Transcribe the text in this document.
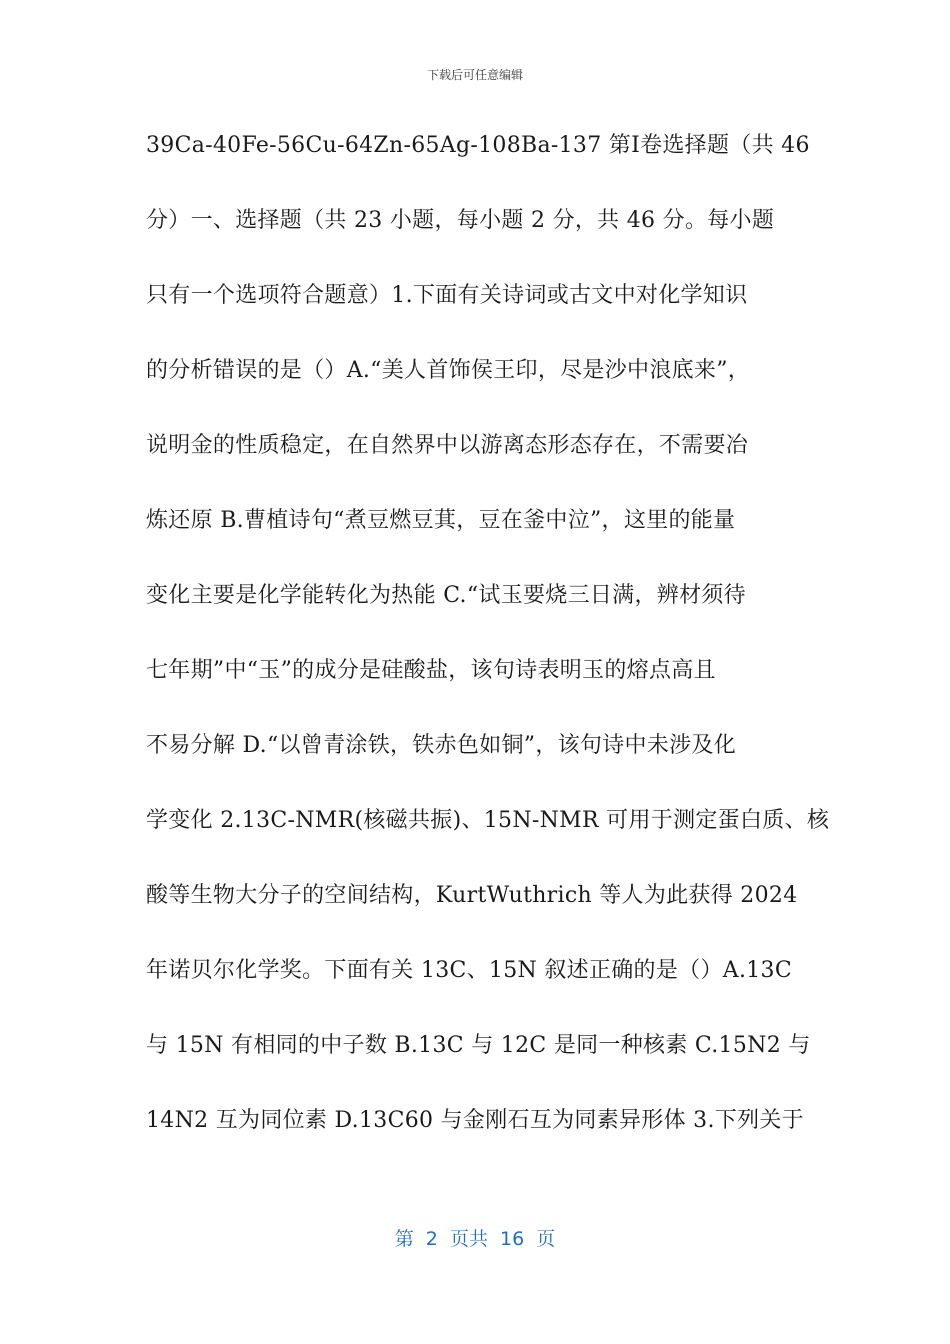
下载后可任意编辑
39Ca-40Fe-56Cu-64Zn-65Ag-108Ba-137 第Ⅰ卷选择题（共 46
分）一、选择题（共 23 小题，每小题 2 分，共 46 分。每小题
只有一个选项符合题意）1.下面有关诗词或古文中对化学知识
的分析错误的是（）A.“美人首饰侯王印，尽是沙中浪底来”，
说明金的性质稳定，在自然界中以游离态形态存在，不需要冶
炼还原 B.曹植诗句“煮豆燃豆萁，豆在釜中泣”，这里的能量
变化主要是化学能转化为热能 C.“试玉要烧三日满，辨材须待
七年期”中“玉”的成分是硅酸盐，该句诗表明玉的熔点高且
不易分解 D.“以曾青涂铁，铁赤色如铜”，该句诗中未涉及化
学变化 2.13C-NMR(核磁共振)、15N-NMR 可用于测定蛋白质、核
酸等生物大分子的空间结构，KurtWuthrich 等人为此获得 2024
年诺贝尔化学奖。下面有关 13C、15N 叙述正确的是（）A.13C
与 15N 有相同的中子数 B.13C 与 12C 是同一种核素 C.15N2 与
14N2 互为同位素 D.13C60 与金刚石互为同素异形体 3.下列关于
第  2  页共  16  页
